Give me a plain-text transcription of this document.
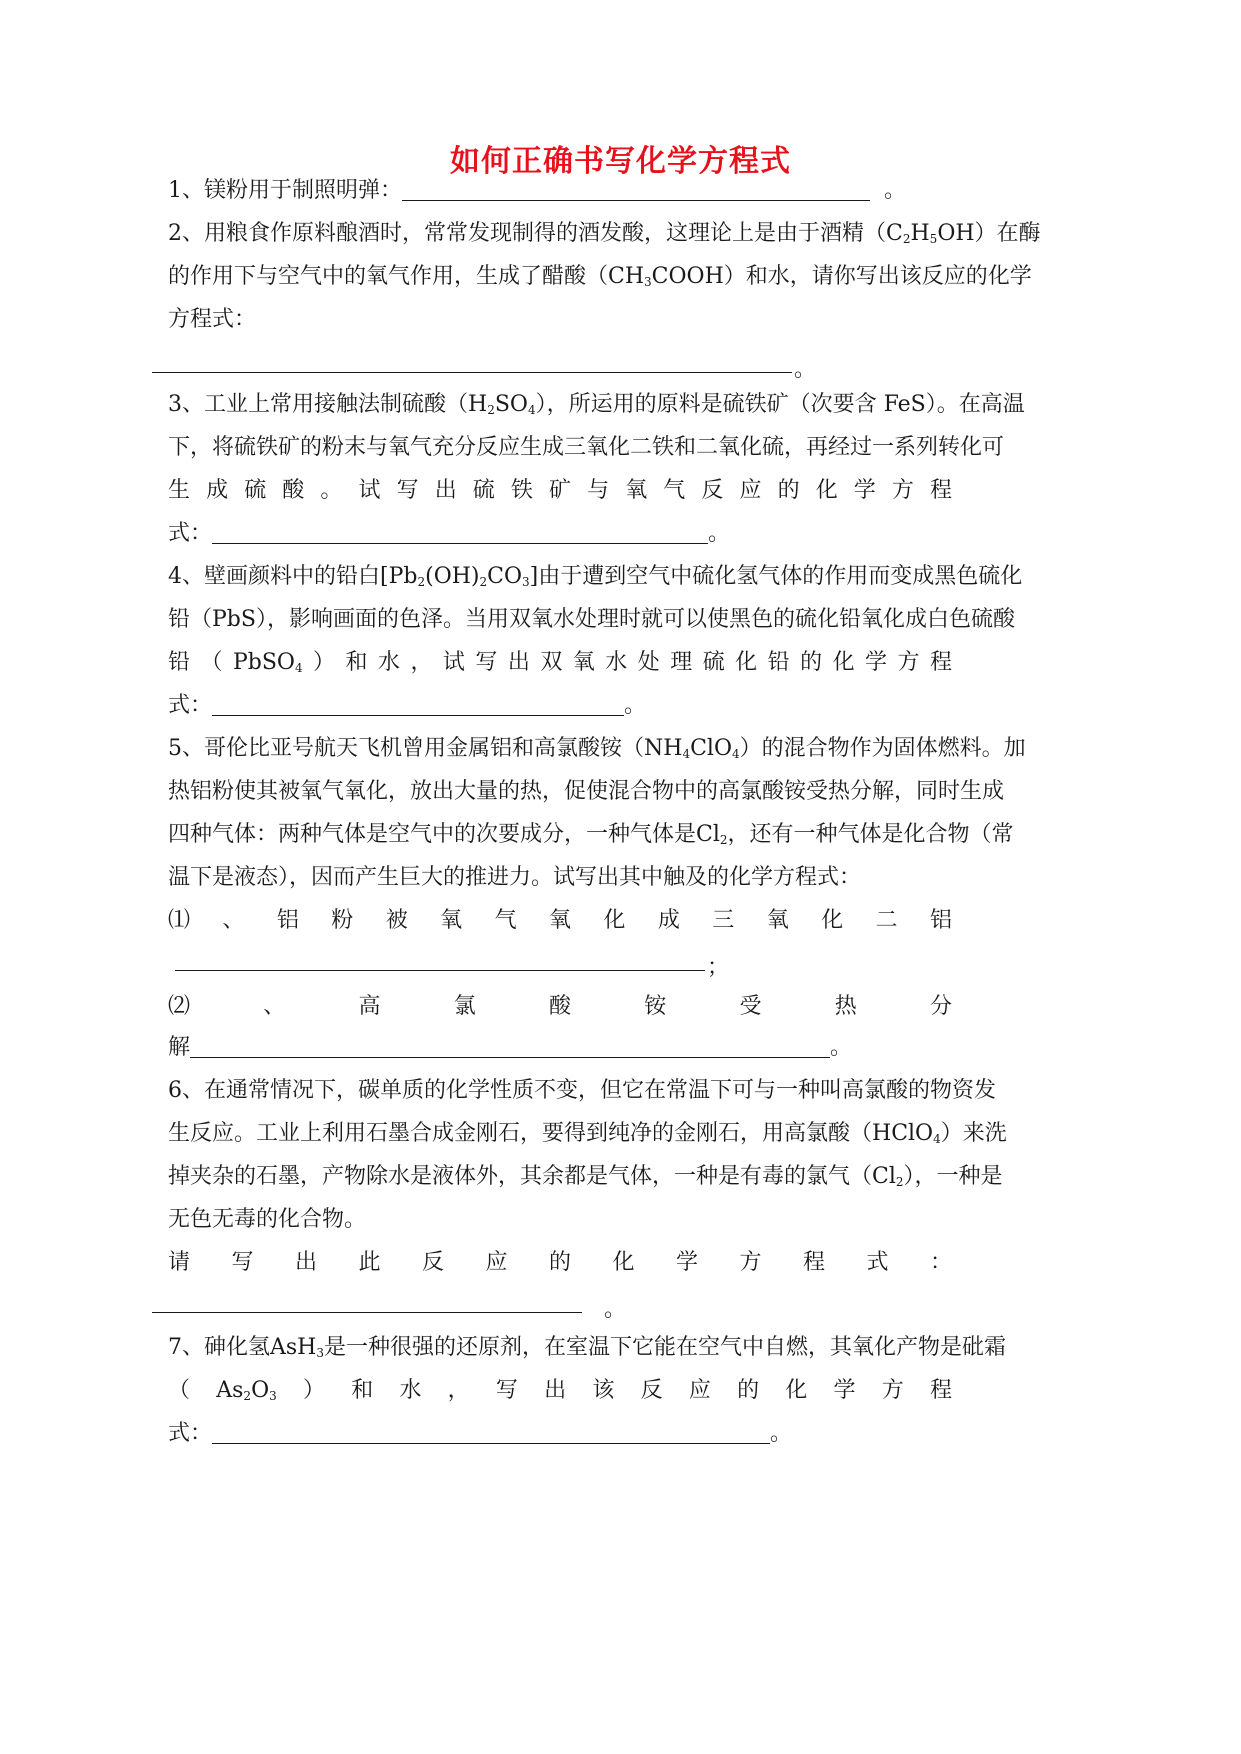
如何正确书写化学方程式
1、镁粉用于制照明弹：	。
2、用粮食作原料酿酒时，常常发现制得的酒发酸，这理论上是由于酒精$(C_2H_5OH)$在酶
的作用下与空气中的氧气作用，生成了醋酸$(CH_3COOH)$和水，请你写出该反应的化学
方程式：
。
3、工业上常用接触法制硫酸$(H_2SO_4)$，所运用的原料是硫铁矿（次要含 FeS）。在高温
下，将硫铁矿的粉末与氧气充分反应生成三氧化二铁和二氧化硫，再经过一系列转化可
生成硫酸。试写出硫铁矿与氧气反应的化学方程
式：	。
4、壁画颜料中的铅白$[Pb_2(OH)_2CO_3]$由于遭到空气中硫化氢气体的作用而变成黑色硫化
铅（PbS），影响画面的色泽。当用双氧水处理时就可以使黑色的硫化铅氧化成白色硫酸
铅（PbSO$_4$）和水，试写出双氧水处理硫化铅的化学方程
式：	。
5、哥伦比亚号航天飞机曾用金属铝和高氯酸铵$(NH_4ClO_4)$的混合物作为固体燃料。加
热铝粉使其被氧气氧化，放出大量的热，促使混合物中的高氯酸铵受热分解，同时生成
四种气体：两种气体是空气中的次要成分，一种气体是$Cl_2$，还有一种气体是化合物（常
温下是液态），因而产生巨大的推进力。试写出其中触及的化学方程式：
⑴、铝粉被氧气氧化成三氧化二铝
；
⑵、高氯酸铵受热分
解	。
6、在通常情况下，碳单质的化学性质不变，但它在常温下可与一种叫高氯酸的物资发
生反应。工业上利用石墨合成金刚石，要得到纯净的金刚石，用高氯酸（HClO$_4$）来洗
掉夹杂的石墨，产物除水是液体外，其余都是气体，一种是有毒的氯气$(Cl_2)$，一种是
无色无毒的化合物。
请写出此反应的化学方程式：
。
7、砷化氢AsH$_3$是一种很强的还原剂，在室温下它能在空气中自燃，其氧化产物是砒霜
$(As_2O_3)$和水，写出该反应的化学方程
式：	。
